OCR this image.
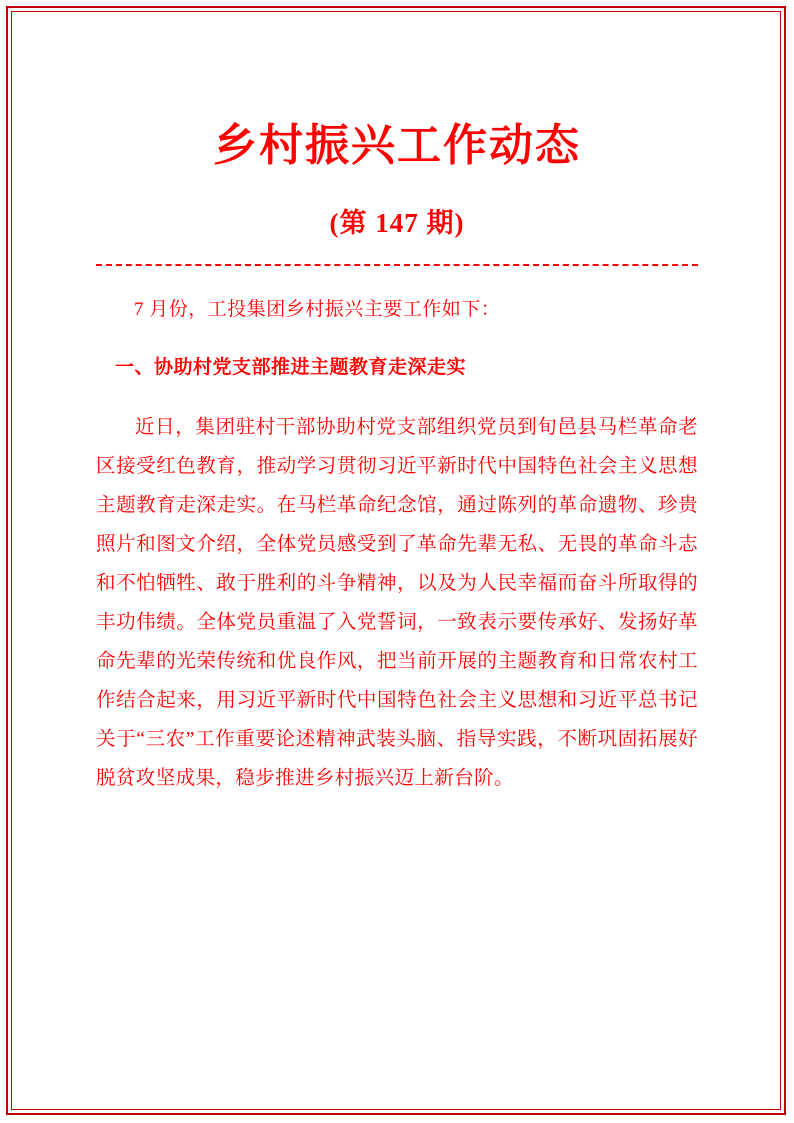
乡村振兴工作动态
(第 147 期)

7 月份，工投集团乡村振兴主要工作如下：

一、协助村党支部推进主题教育走深走实

近日，集团驻村干部协助村党支部组织党员到旬邑县马栏革命老区接受红色教育，推动学习贯彻习近平新时代中国特色社会主义思想主题教育走深走实。在马栏革命纪念馆，通过陈列的革命遗物、珍贵照片和图文介绍，全体党员感受到了革命先辈无私、无畏的革命斗志和不怕牺牲、敢于胜利的斗争精神，以及为人民幸福而奋斗所取得的丰功伟绩。全体党员重温了入党誓词，一致表示要传承好、发扬好革命先辈的光荣传统和优良作风，把当前开展的主题教育和日常农村工作结合起来，用习近平新时代中国特色社会主义思想和习近平总书记关于“三农”工作重要论述精神武装头脑、指导实践，不断巩固拓展好脱贫攻坚成果，稳步推进乡村振兴迈上新台阶。
